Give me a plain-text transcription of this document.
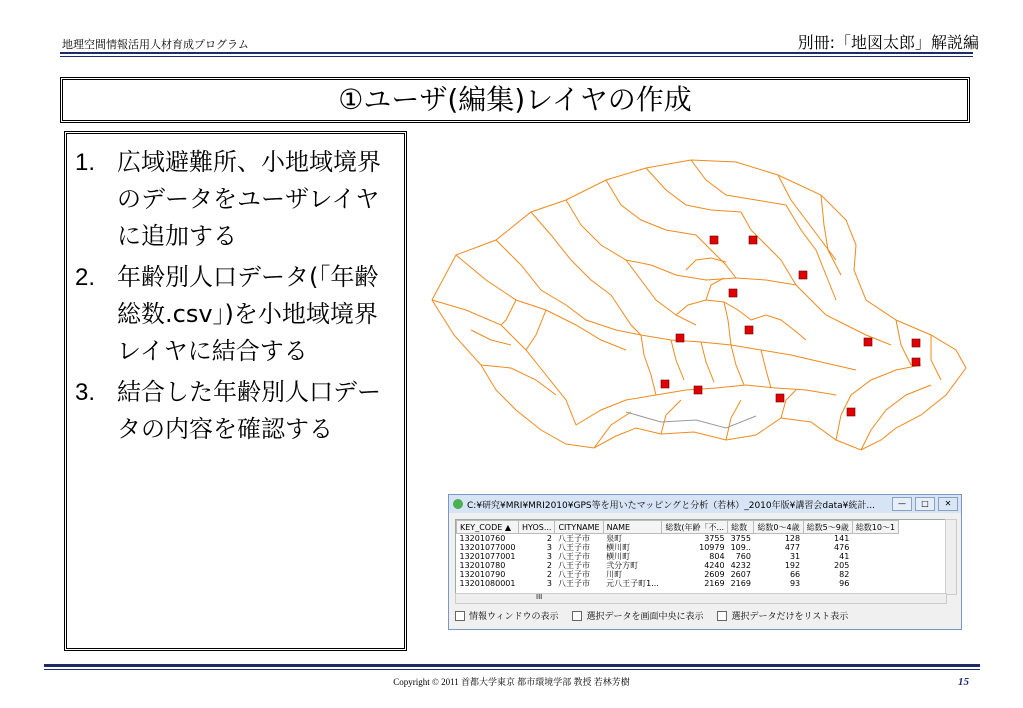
地理空間情報活用人材育成プログラム	別冊:「地図太郎」解説編
①ユーザ(編集)レイヤの作成
1. 広域避難所、小地域境界のデータをユーザレイヤに追加する
2. 年齢別人口データ(「年齢総数.csv」)を小地域境界レイヤに結合する
3. 結合した年齢別人口データの内容を確認する
C:¥研究¥MRI¥MRI2010¥GPS等を用いたマッピングと分析（若林）_2010年版¥講習会data¥統計...	—	□	✕
KEY_CODE ▲	HYOS...	CITYNAME	NAME	総数(年齢「不...	総数	総数0～4歳	総数5～9歳	総数10～1
132010760	2	八王子市	泉町	3755	3755	128	141	
13201077000	3	八王子市	横川町	10979	109..	477	476	
13201077001	3	八王子市	横川町	804	760	31	41	
132010780	2	八王子市	弐分方町	4240	4232	192	205	
132010790	2	八王子市	川町	2609	2607	66	82	
13201080001	3	八王子市	元八王子町1...	2169	2169	93	96	
III
情報ウィンドウの表示	選択データを画面中央に表示	選択データだけをリスト表示
Copyright © 2011 首都大学東京 都市環境学部 教授 若林芳樹	15
